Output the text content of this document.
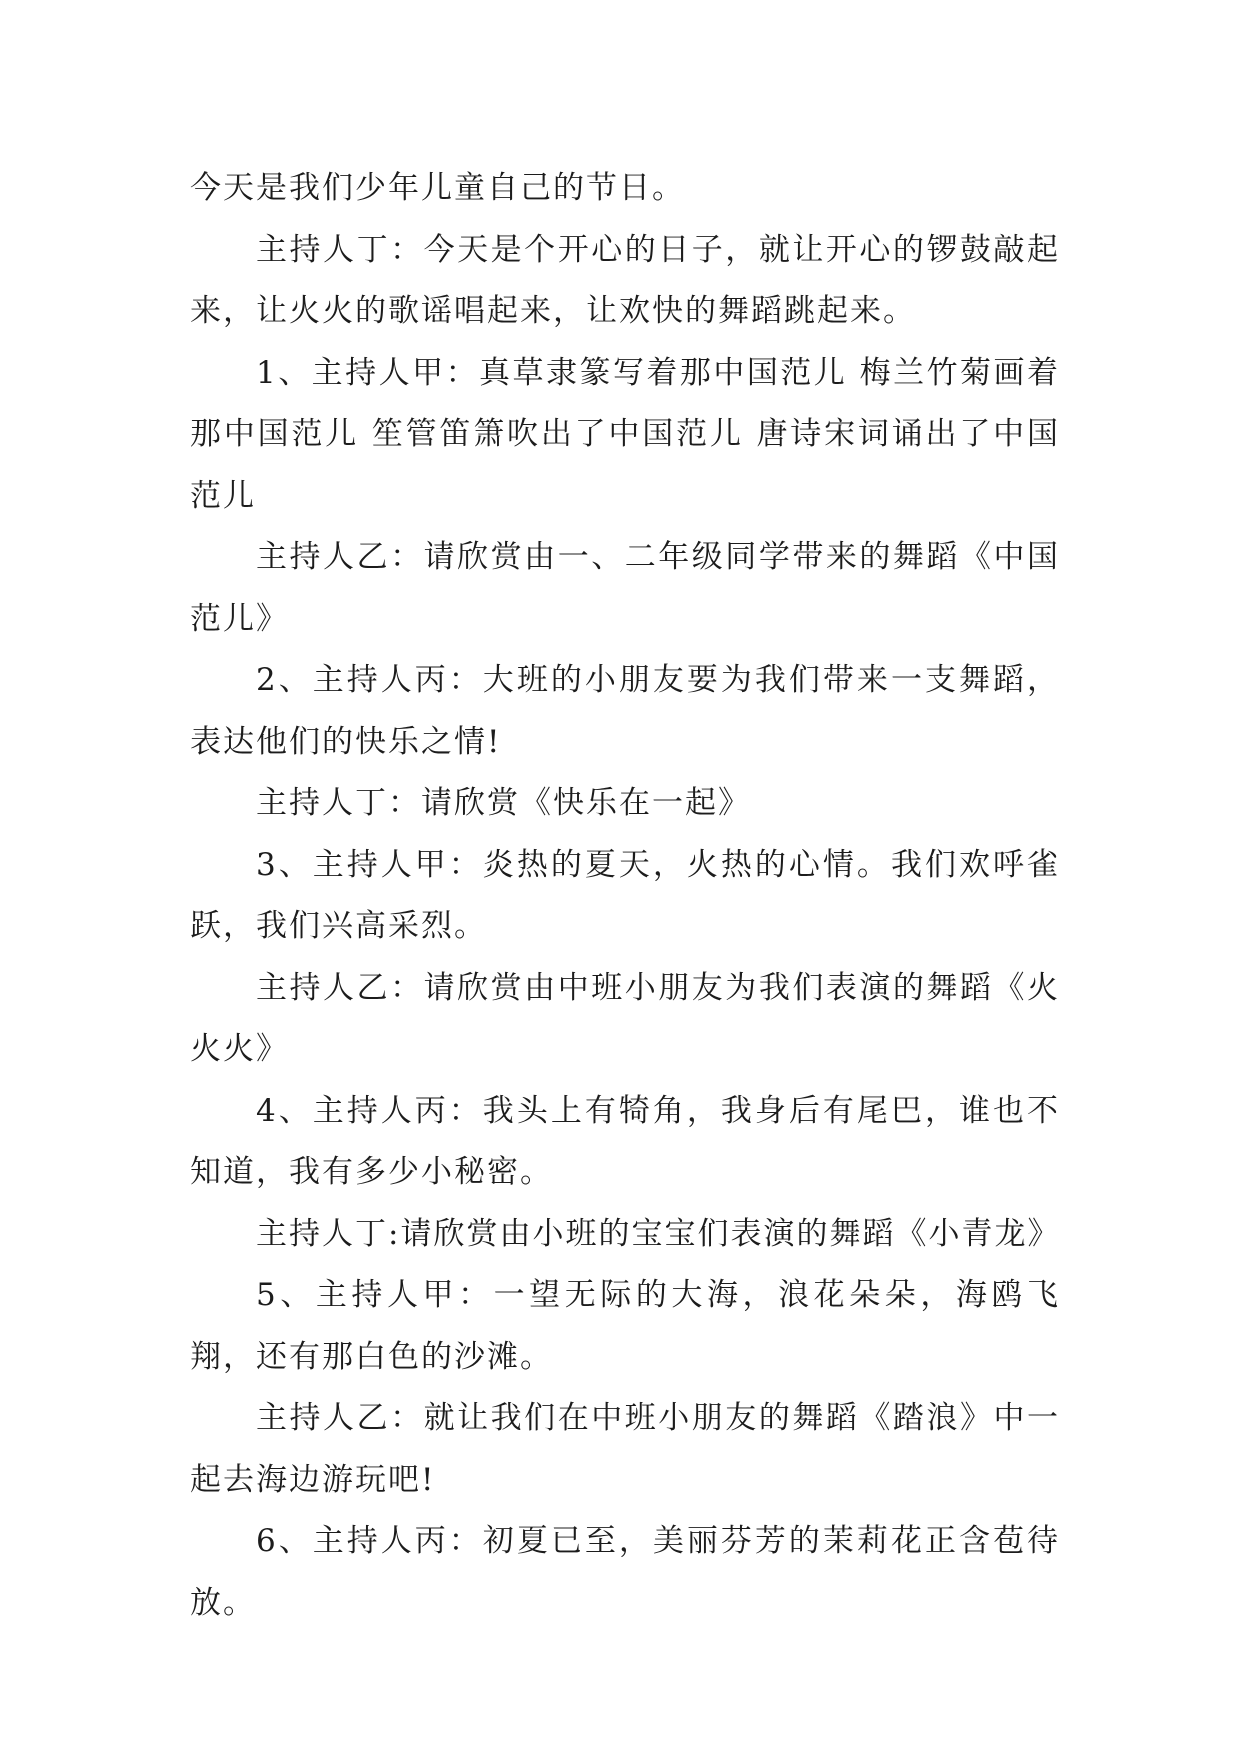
今天是我们少年儿童自己的节日。

主持人丁：今天是个开心的日子，就让开心的锣鼓敲起来，让火火的歌谣唱起来，让欢快的舞蹈跳起来。

1、主持人甲：真草隶篆写着那中国范儿 梅兰竹菊画着那中国范儿 笙管笛箫吹出了中国范儿 唐诗宋词诵出了中国范儿

主持人乙：请欣赏由一、二年级同学带来的舞蹈《中国范儿》

2、主持人丙：大班的小朋友要为我们带来一支舞蹈，表达他们的快乐之情!

主持人丁：请欣赏《快乐在一起》

3、主持人甲：炎热的夏天，火热的心情。我们欢呼雀跃，我们兴高采烈。

主持人乙：请欣赏由中班小朋友为我们表演的舞蹈《火火火》

4、主持人丙：我头上有犄角，我身后有尾巴，谁也不知道，我有多少小秘密。

主持人丁:请欣赏由小班的宝宝们表演的舞蹈《小青龙》

5、主持人甲：一望无际的大海，浪花朵朵，海鸥飞翔，还有那白色的沙滩。

主持人乙：就让我们在中班小朋友的舞蹈《踏浪》中一起去海边游玩吧!

6、主持人丙：初夏已至，美丽芬芳的茉莉花正含苞待放。
